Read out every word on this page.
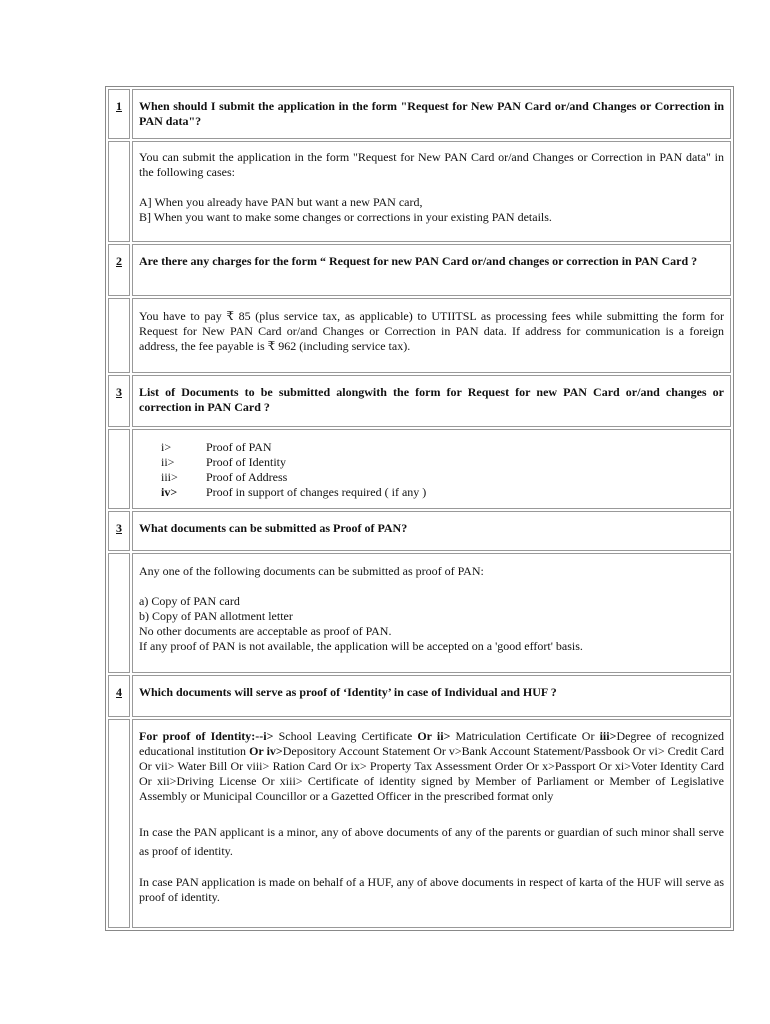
1	When should I submit the application in the form "Request for New PAN Card or/and Changes or Correction in PAN data"?

You can submit the application in the form "Request for New PAN Card or/and Changes or Correction in PAN data" in the following cases:

A] When you already have PAN but want a new PAN card,

B] When you want to make some changes or corrections in your existing PAN details.

2	Are there any charges for the form “ Request for new PAN Card or/and changes or correction in PAN Card ?

You have to pay ₹ 85 (plus service tax, as applicable) to UTIITSL as processing fees while submitting the form for Request for New PAN Card or/and Changes or Correction in PAN data. If address for communication is a foreign address, the fee payable is ₹ 962 (including service tax).

3	List of Documents to be submitted alongwith the form for Request for new PAN Card or/and changes or correction in PAN Card ?

i>	Proof of PAN
ii>	Proof of Identity
iii>	Proof of Address
iv>	Proof in support of changes required ( if any )

3	What documents can be submitted as Proof of PAN?

Any one of the following documents can be submitted as proof of PAN:

a) Copy of PAN card

b) Copy of PAN allotment letter

No other documents are acceptable as proof of PAN.

If any proof of PAN is not available, the application will be accepted on a 'good effort' basis.

4	Which documents will serve as proof of ‘Identity’ in case of Individual and HUF ?

For proof of Identity:--i> School Leaving Certificate Or ii> Matriculation Certificate Or iii>Degree of recognized educational institution Or iv>Depository Account Statement Or v>Bank Account Statement/Passbook Or vi> Credit Card Or vii> Water Bill Or viii> Ration Card Or ix> Property Tax Assessment Order Or x>Passport Or xi>Voter Identity Card Or xii>Driving License Or xiii> Certificate of identity signed by Member of Parliament or Member of Legislative Assembly or Municipal Councillor or a Gazetted Officer in the prescribed format only

In case the PAN applicant is a minor, any of above documents of any of the parents or guardian of such minor shall serve as proof of identity.

In case PAN application is made on behalf of a HUF, any of above documents in respect of karta of the HUF will serve as proof of identity.
